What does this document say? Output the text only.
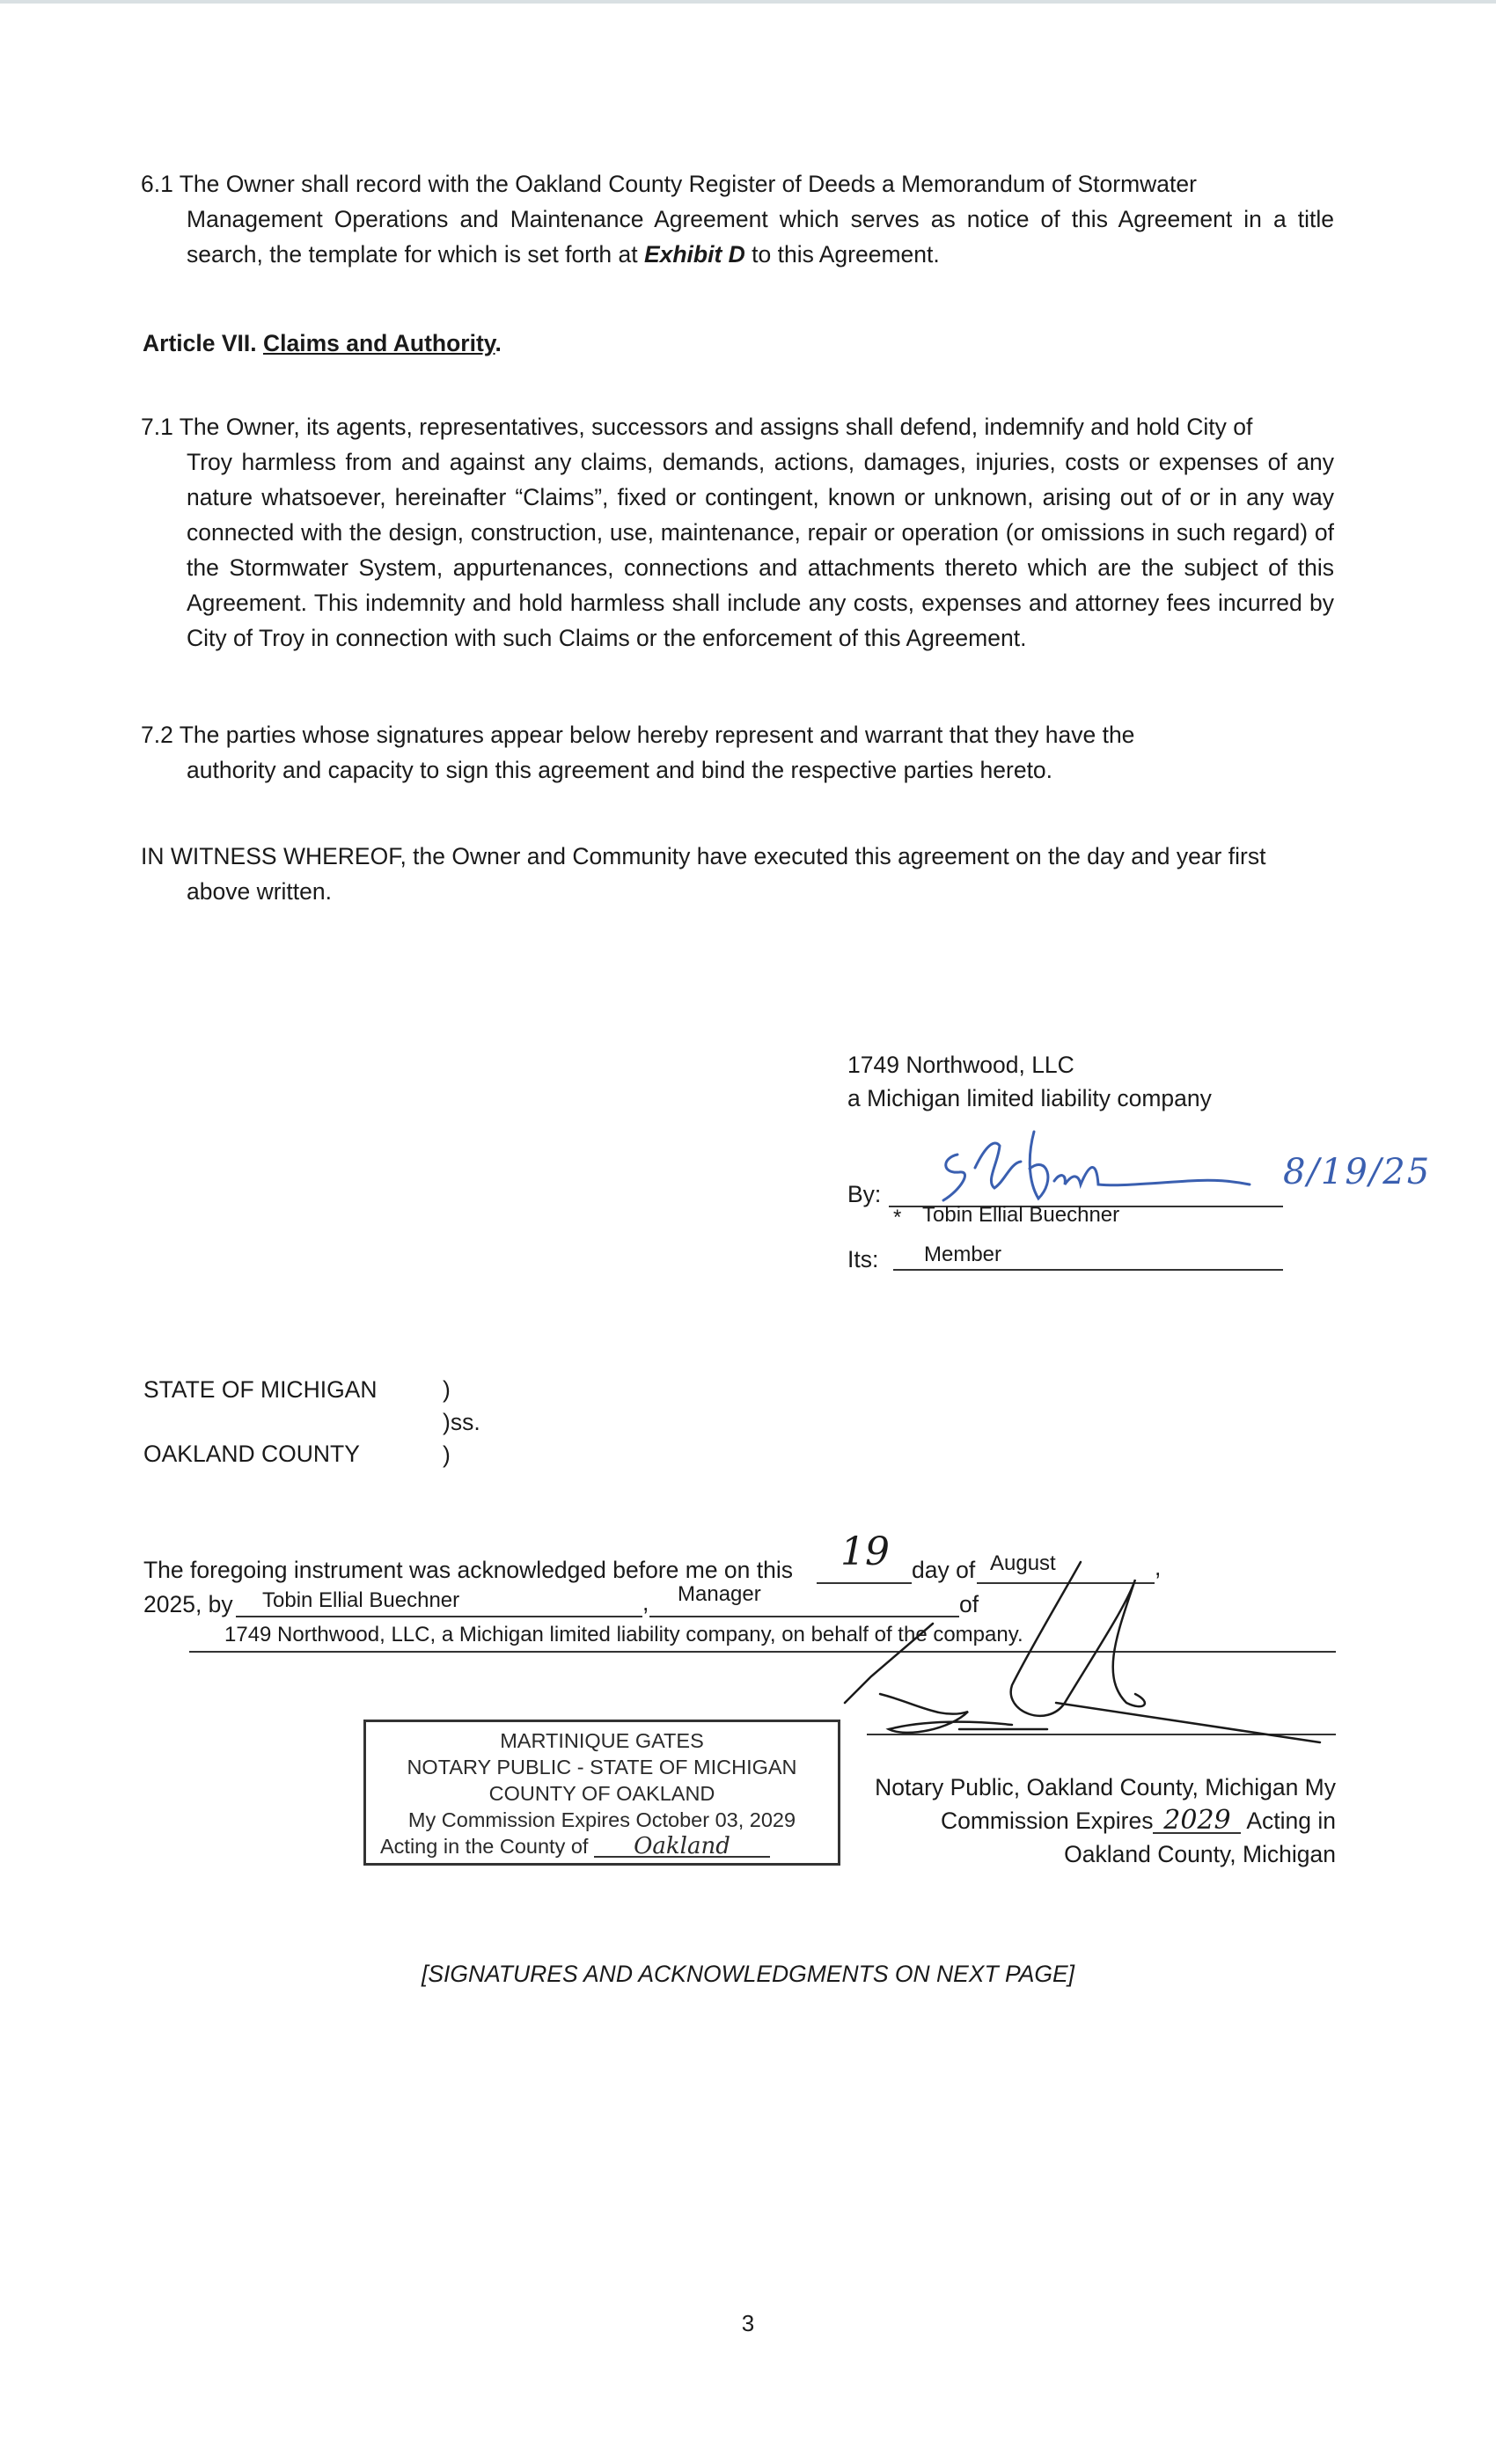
6.1 The Owner shall record with the Oakland County Register of Deeds a Memorandum of Stormwater
Management Operations and Maintenance Agreement which serves as notice of this Agreement in a title search, the template for which is set forth at Exhibit D to this Agreement.
Article VII. Claims and Authority.
7.1 The Owner, its agents, representatives, successors and assigns shall defend, indemnify and hold City of
Troy harmless from and against any claims, demands, actions, damages, injuries, costs or expenses of any nature whatsoever, hereinafter “Claims”, fixed or contingent, known or unknown, arising out of or in any way connected with the design, construction, use, maintenance, repair or operation (or omissions in such regard) of the Stormwater System, appurtenances, connections and attachments thereto which are the subject of this Agreement. This indemnity and hold harmless shall include any costs, expenses and attorney fees incurred by City of Troy in connection with such Claims or the enforcement of this Agreement.
7.2 The parties whose signatures appear below hereby represent and warrant that they have the
authority and capacity to sign this agreement and bind the respective parties hereto.
IN WITNESS WHEREOF, the Owner and Community have executed this agreement on the day and year first
above written.
1749 Northwood, LLC
a Michigan limited liability company
By:
8/19/25
* Tobin Ellial Buechner
Its: Member
STATE OF MICHIGAN
OAKLAND COUNTY
)
)ss.
)
The foregoing instrument was acknowledged before me on this 19 day of August	,
2025, by Tobin Ellial Buechner	, Manager	of
1749 Northwood, LLC, a Michigan limited liability company, on behalf of the company.
MARTINIQUE GATES
NOTARY PUBLIC - STATE OF MICHIGAN
COUNTY OF OAKLAND
My Commission Expires October 03, 2029
Acting in the County of Oakland
Notary Public, Oakland County, Michigan My
Commission Expires 2029 Acting in
Oakland County, Michigan
[SIGNATURES AND ACKNOWLEDGMENTS ON NEXT PAGE]
3
